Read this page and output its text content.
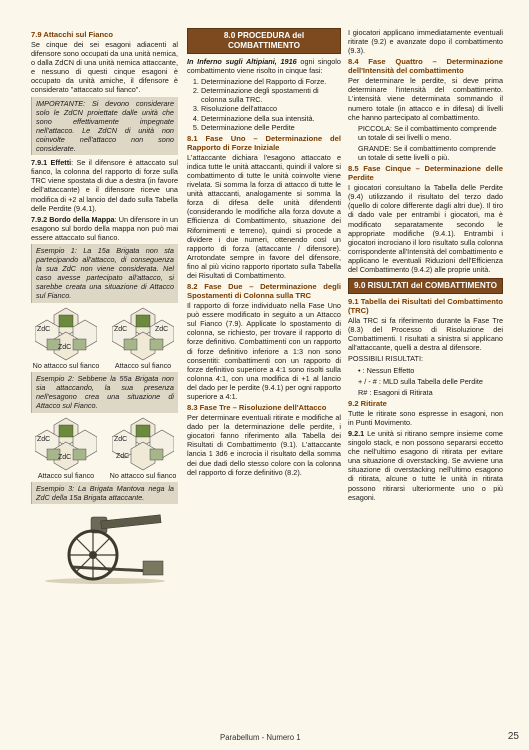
7.9 Attacchi sul Fianco

Se cinque dei sei esagoni adiacenti al difensore sono occupati da una unità nemica, o dalla ZdCN di una unità nemica attaccante, e nessuno di questi cinque esagoni è occupato da unità amiche, il difensore è considerato "attaccato sul fianco".

IMPORTANTE: Si devono considerare solo le ZdCN proiettate dalle unità che sono effettivamente impegnate nell'attacco. Le ZdCN di unità non coinvolte nell'attacco non sono considerate.

7.9.1 Effetti: Se il difensore è attaccato sul fianco, la colonna del rapporto di forze sulla TRC viene spostata di due a destra (in favore dell'attaccante) e il difensore riceve una modifica di +2 al lancio del dado sulla Tabella delle Perdite (9.4.1).

7.9.2 Bordo della Mappa: Un difensore in un esagono sul bordo della mappa non può mai essere attaccato sul fianco.

Esempio 1: La 15a Brigata non sta partecipando all'attacco, di conseguenza la sua ZdC non viene considerata. Nel caso avesse partecipato all'attacco, si sarebbe creata una situazione di Attacco sul Fianco.
ZdC
ZdC
No attacco sul fianco
ZdC	ZdC
Attacco sul fianco
Esempio 2: Sebbene la 55a Brigata non sia attaccando, la sua presenza nell'esagono crea una situazione di Attacco sul Fianco.
ZdC
ZdC
Attacco sul fianco
ZdC
ZdC
No attacco sul fianco
Esempio 3: La Brigata Mantova nega la ZdC della 15a Brigata attaccante.
8.0 PROCEDURA del COMBATTIMENTO

In Inferno sugli Altipiani, 1916 ogni singolo combattimento viene risolto in cinque fasi:

1. Determinazione del Rapporto di Forze.
2. Determinazione degli spostamenti di colonna sulla TRC.
3. Risoluzione dell'attacco
4. Determinazione della sua intensità.
5. Determinazione delle Perdite
8.1 Fase Uno – Determinazione del Rapporto di Forze Iniziale

L'attaccante dichiara l'esagono attaccato e indica tutte le unità attaccanti, quindi il valore si combattimento di tutte le unità coinvolte viene rivelata. Si somma la forza di attacco di tutte le unità attaccanti, analogamente si somma la forza di difesa delle unità difendenti (considerando le modifiche alla forza dovute a Efficienza di Combattimento, situazione dei Rifornimenti e terreno), quindi si procede a dividere i due numeri, ottenendo così un rapporto di forza (attaccante / difensore). Arrotondate sempre in favore del difensore, fino al più vicino rapporto riportato sulla Tabella dei Risultati di Combattimento.

8.2 Fase Due – Determinazione degli Spostamenti di Colonna sulla TRC

Il rapporto di forze individuato nella Fase Uno può essere modificato in seguito a un Attacco sul Fianco (7.9). Applicate lo spostamento di colonna, se richiesto, per trovare il rapporto di forze definitivo. Combattimenti con un rapporto di forze definitivo inferiore a 1:3 non sono consentiti: combattimenti con un rapporto di forze definitivo superiore a 4:1 sono risolti sulla colonna 4:1, con una modifica di +1 al lancio del dado per le perdite (9.4.1) per ogni rapporto superiore a 4:1.

8.3 Fase Tre – Risoluzione dell'Attacco

Per determinare eventuali ritirate e modifiche al dado per la determinazione delle perdite, i giocatori fanno riferimento alla Tabella dei Risultati di Combattimento (9.1). L'attaccante lancia 1 3d6 e incrocia il risultato della somma dei due dadi dello stesso colore con la colonna del rapporto di forze definitivo (8.2).

I giocatori applicano immediatamente eventuali ritirate (9.2) e avanzate dopo il combattimento (9.3).

8.4 Fase Quattro – Determinazione dell'Intensità del combattimento

Per determinare le perdite, si deve prima determinare l'intensità del combattimento. L'intensità viene determinata sommando il numero totale (in attacco e in difesa) di livelli che hanno partecipato al combattimento.

PICCOLA: Se il combattimento comprende un totale di sei livelli o meno.

GRANDE: Se il combattimento comprende un totale di sette livelli o più.

8.5 Fase Cinque – Determinazione delle Perdite

I giocatori consultano la Tabella delle Perdite (9.4) utilizzando il risultato del terzo dado (quello di colore differente dagli altri due). Il tiro di dado vale per entrambi i giocatori, ma è modificato separatamente secondo le appropriate modifiche (9.4.1). Entrambi i giocatori incrociano il loro risultato sulla colonna corrispondente all'Intensità del combattimento e applicano le eventuali Riduzioni dell'Efficienza del Combattimento (9.4.2) alle proprie unità.

9.0 RISULTATI del COMBATTIMENTO
9.1 Tabella dei Risultati del Combattimento (TRC)

Alla TRC si fa riferimento durante la Fase Tre (8.3) del Processo di Risoluzione dei Combattimenti. I risultati a sinistra si applicano all'attaccante, quelli a destra al difensore.

POSSIBILI RISULTATI:

• : Nessun Effetto

+ / - # : MLD sulla Tabella delle Perdite

R# : Esagoni di Ritirata

9.2 Ritirate

Tutte le ritirate sono espresse in esagoni, non in Punti Movimento.

9.2.1 Le unità si ritirano sempre insieme come singolo stack, e non possono separarsi eccetto che nell'ultimo esagono di ritirata per evitare una situazione di overstacking. Se avviene una situazione di overstacking nell'ultimo esagono di ritirata, alcune o tutte le unità in ritirata possono ritirarsi ulteriormente uno o più esagoni.

Parabellum - Numero 1	25
